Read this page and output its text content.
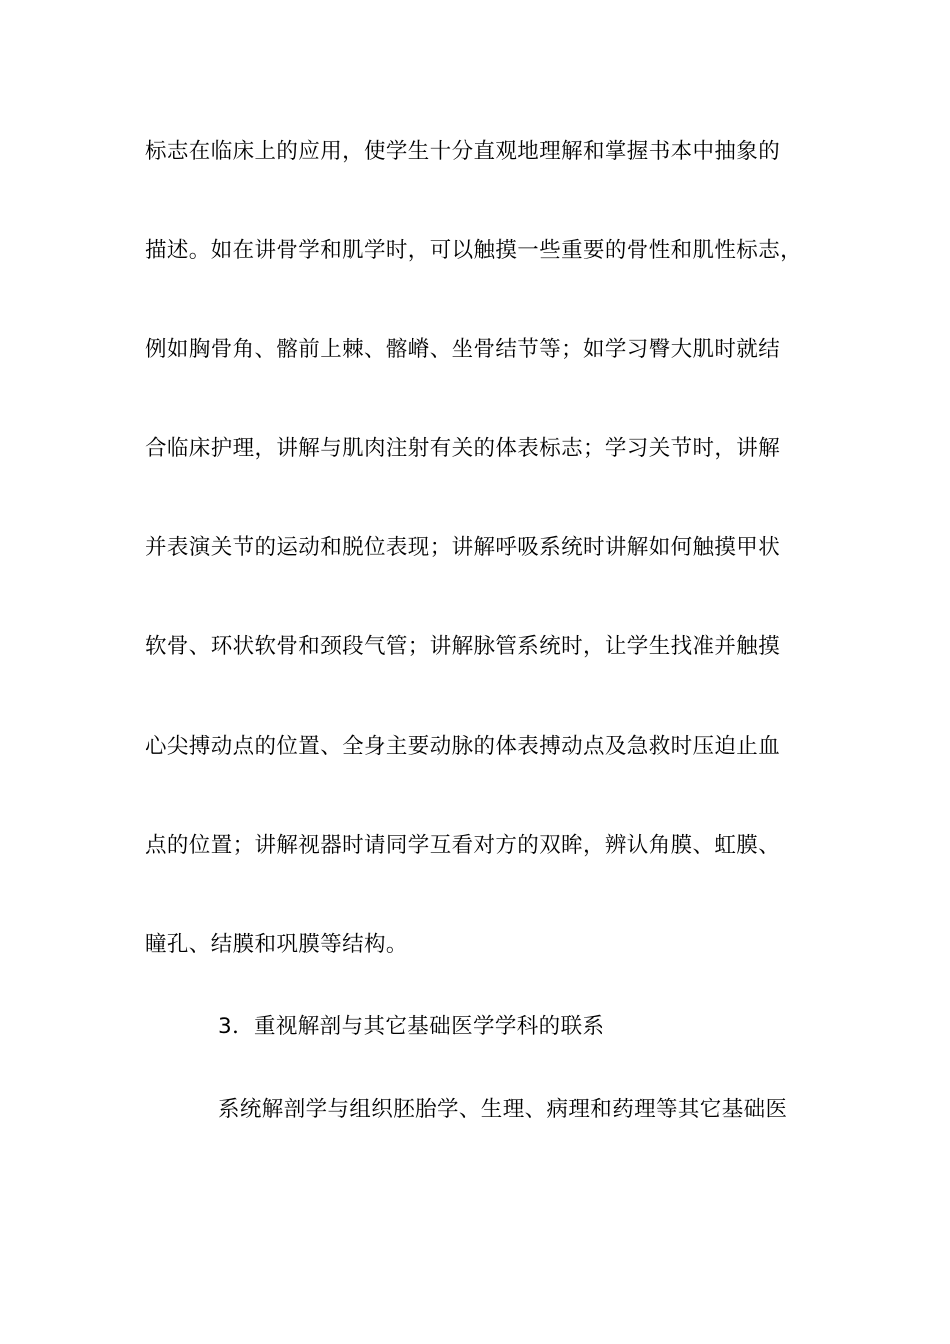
标志在临床上的应用，使学生十分直观地理解和掌握书本中抽象的
描述。如在讲骨学和肌学时，可以触摸一些重要的骨性和肌性标志，
例如胸骨角、髂前上棘、髂嵴、坐骨结节等；如学习臀大肌时就结
合临床护理，讲解与肌肉注射有关的体表标志；学习关节时，讲解
并表演关节的运动和脱位表现；讲解呼吸系统时讲解如何触摸甲状
软骨、环状软骨和颈段气管；讲解脉管系统时，让学生找准并触摸
心尖搏动点的位置、全身主要动脉的体表搏动点及急救时压迫止血
点的位置；讲解视器时请同学互看对方的双眸，辨认角膜、虹膜、
瞳孔、结膜和巩膜等结构。
3．重视解剖与其它基础医学学科的联系
系统解剖学与组织胚胎学、生理、病理和药理等其它基础医
